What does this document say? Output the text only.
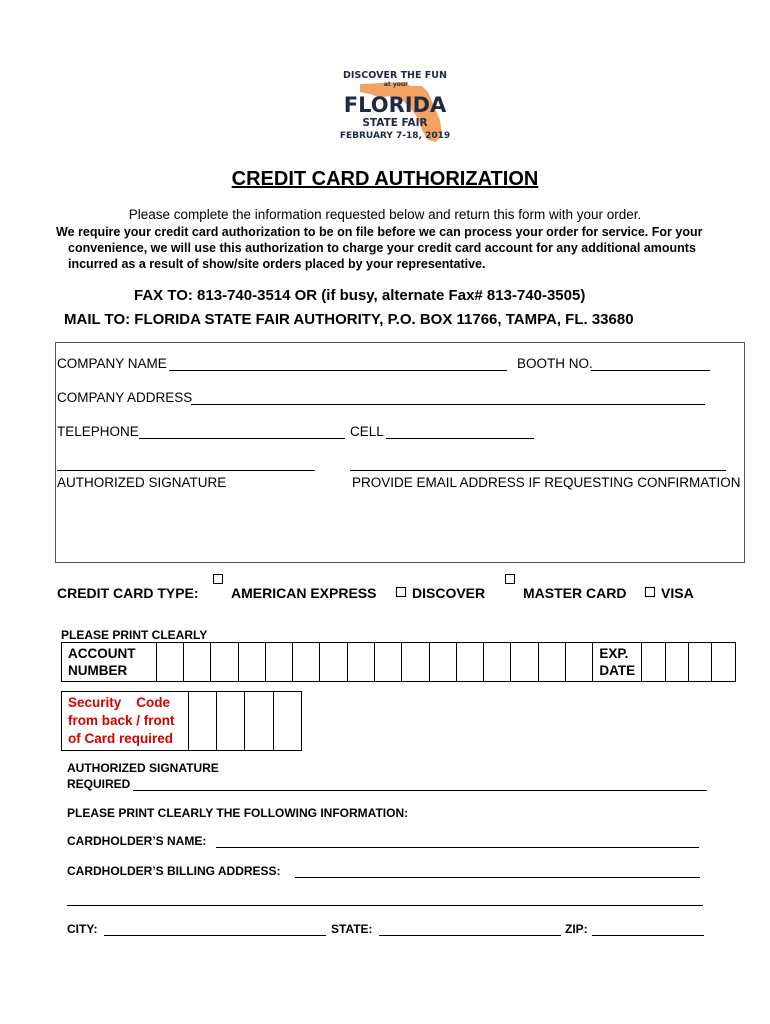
DISCOVER THE FUN
at your
FLORIDA
STATE FAIR
FEBRUARY 7-18, 2019
CREDIT CARD AUTHORIZATION
Please complete the information requested below and return this form with your order.
We require your credit card authorization to be on file before we can process your order for service. For your
convenience, we will use this authorization to charge your credit card account for any additional amounts
incurred as a result of show/site orders placed by your representative.
FAX TO: 813-740-3514 OR (if busy, alternate Fax# 813-740-3505)
MAIL TO: FLORIDA STATE FAIR AUTHORITY, P.O. BOX 11766, TAMPA, FL. 33680
COMPANY NAME	BOOTH NO.
COMPANY ADDRESS
TELEPHONE	CELL
AUTHORIZED SIGNATURE	PROVIDE EMAIL ADDRESS IF REQUESTING CONFIRMATION
CREDIT CARD TYPE: AMERICAN EXPRESS	DISCOVER	MASTER CARD VISA
PLEASE PRINT CLEARLY
ACCOUNT
NUMBER

EXP.
DATE

Security    Code
from back / front
of Card required

AUTHORIZED SIGNATURE
REQUIRED
PLEASE PRINT CLEARLY THE FOLLOWING INFORMATION:
CARDHOLDER’S NAME:
CARDHOLDER’S BILLING ADDRESS:
CITY:	STATE:	ZIP:
